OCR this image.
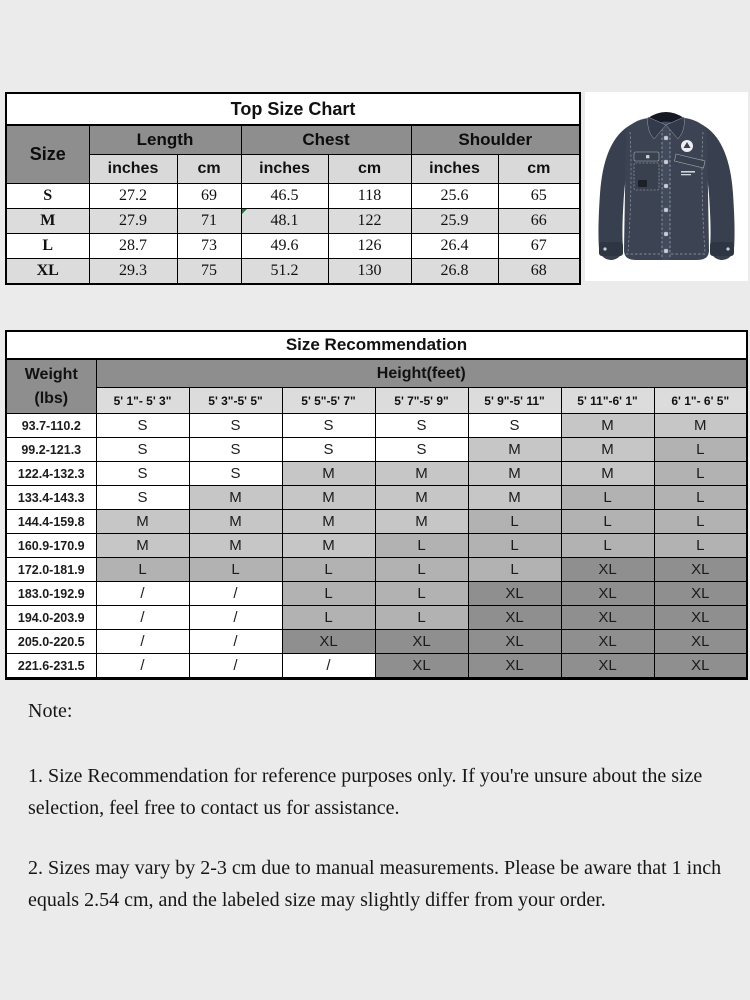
Top Size Chart						
Size	Length		Chest		Shoulder	
	inches	cm	inches	cm	inches	cm
S	27.2	69	46.5	118	25.6	65
M	27.9	71	48.1	122	25.9	66
L	28.7	73	49.6	126	26.4	67
XL	29.3	75	51.2	130	26.8	68
Size Recommendation							

Weight
(lbs)	Height(feet)						
	5' 1"- 5' 3"	5' 3"-5' 5"	5' 5"-5' 7"	5' 7"-5' 9"	5' 9"-5' 11"	5' 11"-6' 1"	6' 1"- 6' 5"
93.7-110.2	S	S	S	S	S	M	M
99.2-121.3	S	S	S	S	M	M	L
122.4-132.3	S	S	M	M	M	M	L
133.4-143.3	S	M	M	M	M	L	L
144.4-159.8	M	M	M	M	L	L	L
160.9-170.9	M	M	M	L	L	L	L
172.0-181.9	L	L	L	L	L	XL	XL
183.0-192.9	/	/	L	L	XL	XL	XL
194.0-203.9	/	/	L	L	XL	XL	XL
205.0-220.5	/	/	XL	XL	XL	XL	XL
221.6-231.5	/	/	/	XL	XL	XL	XL
Note:

1. Size Recommendation for reference purposes only. If you're unsure about the size selection, feel free to contact us for assistance.

2. Sizes may vary by 2-3 cm due to manual measurements. Please be aware that 1 inch equals 2.54 cm, and the labeled size may slightly differ from your order.
